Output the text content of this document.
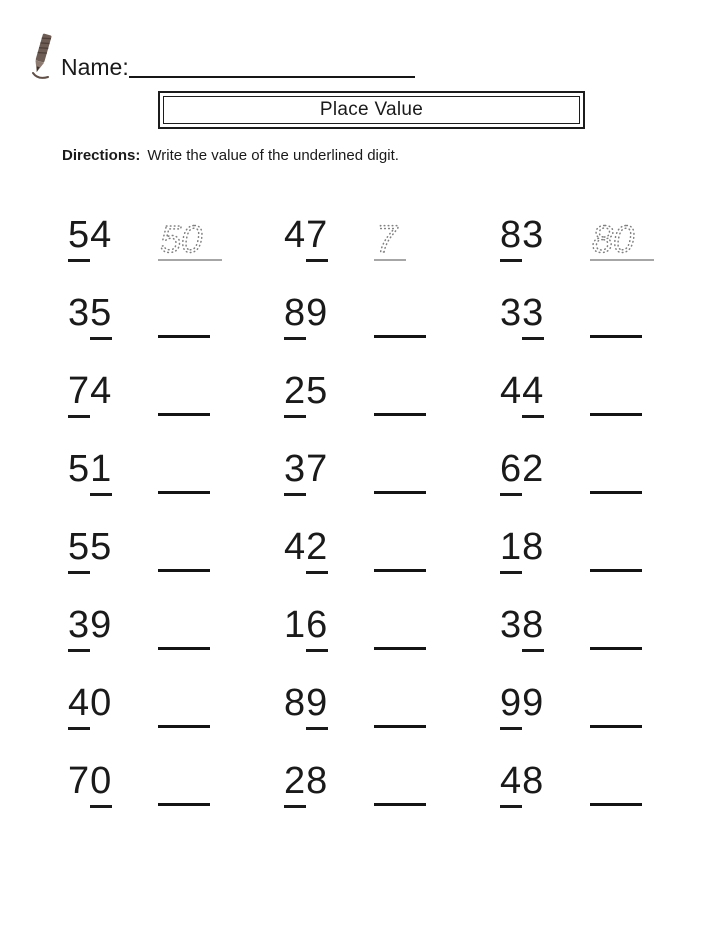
Name:
Place Value
Directions: Write the value of the underlined digit.
54 50 47 7	83 80
35	89	33
74	25	44
51	37	62
55	42	18
39	16	38
40	89	99
70	28	48
